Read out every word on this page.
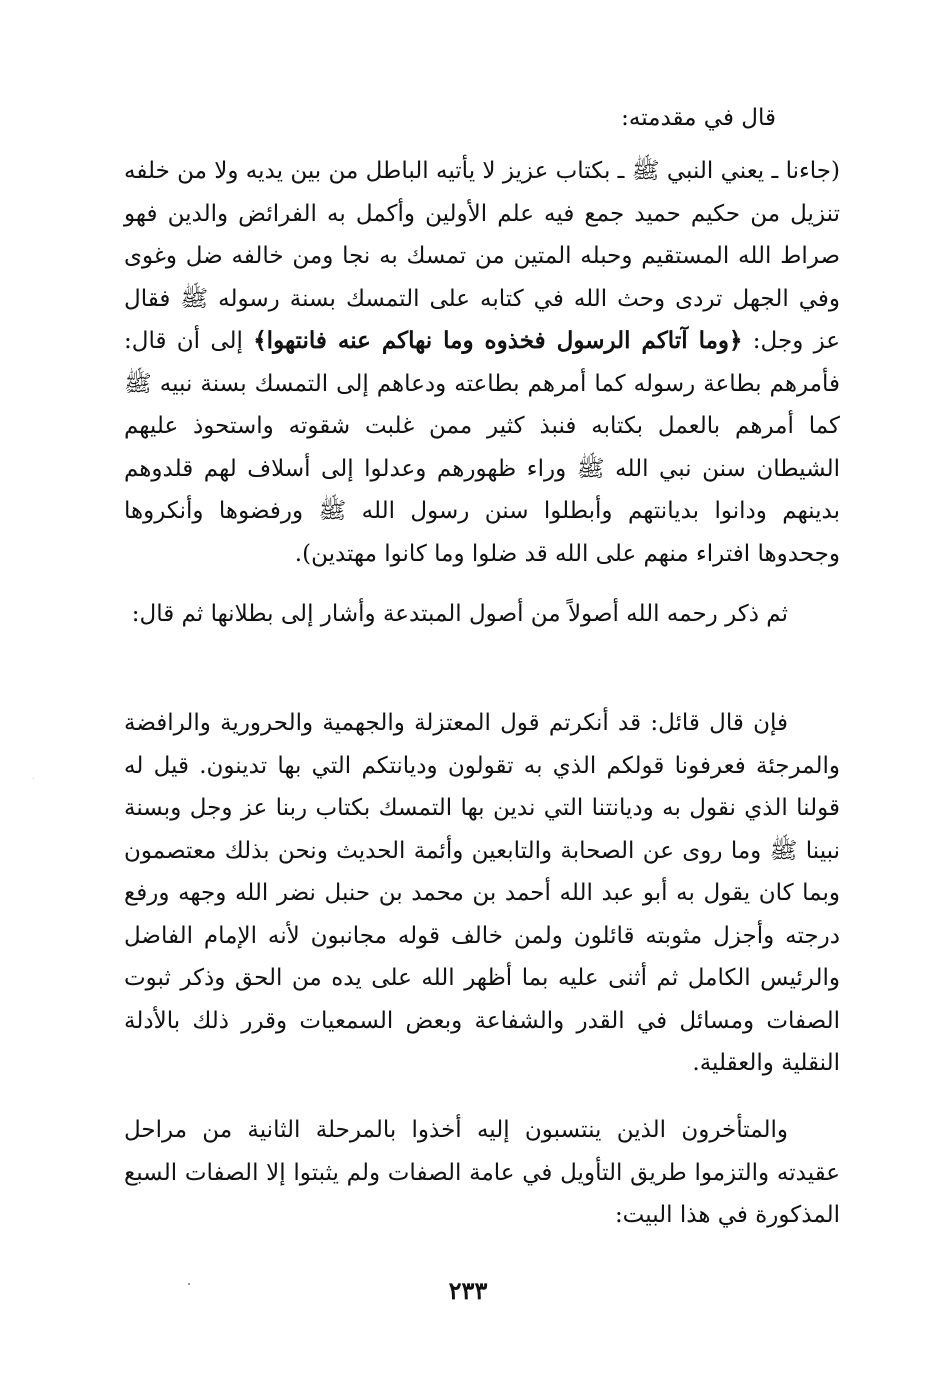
قال في مقدمته:

(جاءنا ـ يعني النبي ﷺ ـ بكتاب عزيز لا يأتيه الباطل من بين يديه ولا من خلفه تنزيل من حكيم حميد جمع فيه علم الأولين وأكمل به الفرائض والدين فهو صراط الله المستقيم وحبله المتين من تمسك به نجا ومن خالفه ضل وغوى وفي الجهل تردى وحث الله في كتابه على التمسك بسنة رسوله ﷺ فقال عز وجل: ﴿وما آتاكم الرسول فخذوه وما نهاكم عنه فانتهوا﴾ إلى أن قال: فأمرهم بطاعة رسوله كما أمرهم بطاعته ودعاهم إلى التمسك بسنة نبيه ﷺ كما أمرهم بالعمل بكتابه فنبذ كثير ممن غلبت شقوته واستحوذ عليهم الشيطان سنن نبي الله ﷺ وراء ظهورهم وعدلوا إلى أسلاف لهم قلدوهم بدينهم ودانوا بديانتهم وأبطلوا سنن رسول الله ﷺ ورفضوها وأنكروها وجحدوها افتراء منهم على الله قد ضلوا وما كانوا مهتدين).

ثم ذكر رحمه الله أصولاً من أصول المبتدعة وأشار إلى بطلانها ثم قال:

فإن قال قائل: قد أنكرتم قول المعتزلة والجهمية والحرورية والرافضة والمرجئة فعرفونا قولكم الذي به تقولون وديانتكم التي بها تدينون. قيل له قولنا الذي نقول به وديانتنا التي ندين بها التمسك بكتاب ربنا عز وجل وبسنة نبينا ﷺ وما روى عن الصحابة والتابعين وأئمة الحديث ونحن بذلك معتصمون وبما كان يقول به أبو عبد الله أحمد بن محمد بن حنبل نضر الله وجهه ورفع درجته وأجزل مثوبته قائلون ولمن خالف قوله مجانبون لأنه الإمام الفاضل والرئيس الكامل ثم أثنى عليه بما أظهر الله على يده من الحق وذكر ثبوت الصفات ومسائل في القدر والشفاعة وبعض السمعيات وقرر ذلك بالأدلة النقلية والعقلية.

والمتأخرون الذين ينتسبون إليه أخذوا بالمرحلة الثانية من مراحل عقيدته والتزموا طريق التأويل في عامة الصفات ولم يثبتوا إلا الصفات السبع المذكورة في هذا البيت:

٢٣٣
